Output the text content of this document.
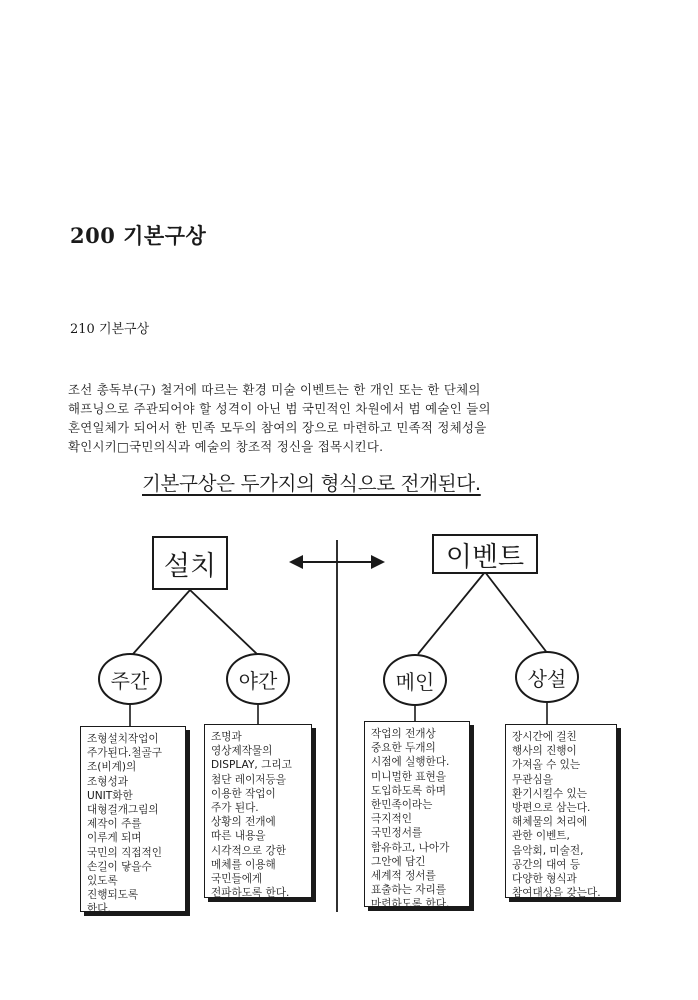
200 기본구상
210 기본구상
조선 총독부(구) 철거에 따르는 환경 미술 이벤트는 한 개인 또는 한 단체의
해프닝으로 주관되어야 할 성격이 아닌 범 국민적인 차원에서 범 예술인 들의
혼연일체가 되어서 한 민족 모두의 참여의 장으로 마련하고 민족적 정체성을
확인시키□국민의식과 예술의 창조적 정신을 접목시킨다.
기본구상은 두가지의 형식으로 전개된다.
설치	이벤트
주간	야간	메인	상설
조형설치작업이
주가된다.철골구
조(비계)의
조형성과
UNIT화한
대형걸개그림의
제작이 주를
이루게 되며
국민의 직접적인
손길이 닿을수
있도록
진행되도록
한다.
조명과
영상제작물의
DISPLAY, 그리고
첨단 레이저등을
이용한 작업이
주가 된다.
상황의 전개에
따른 내용을
시각적으로 강한
메체를 이용해
국민들에게
전파하도록 한다.
작업의 전개상
중요한 두개의
시점에 실행한다.
미니멀한 표현을
도입하도록 하며
한민족이라는
극지적인
국민정서를
함유하고, 나아가
그안에 담긴
세계적 정서를
표출하는 자리를
마련하도록 한다.
장시간에 걸친
행사의 진행이
가져올 수 있는
무관심을
환기시킬수 있는
방편으로 삼는다.
해체물의 처리에
관한 이벤트,
음악회, 미술전,
공간의 대여 등
다양한 형식과
참여대상을 갖는다.
